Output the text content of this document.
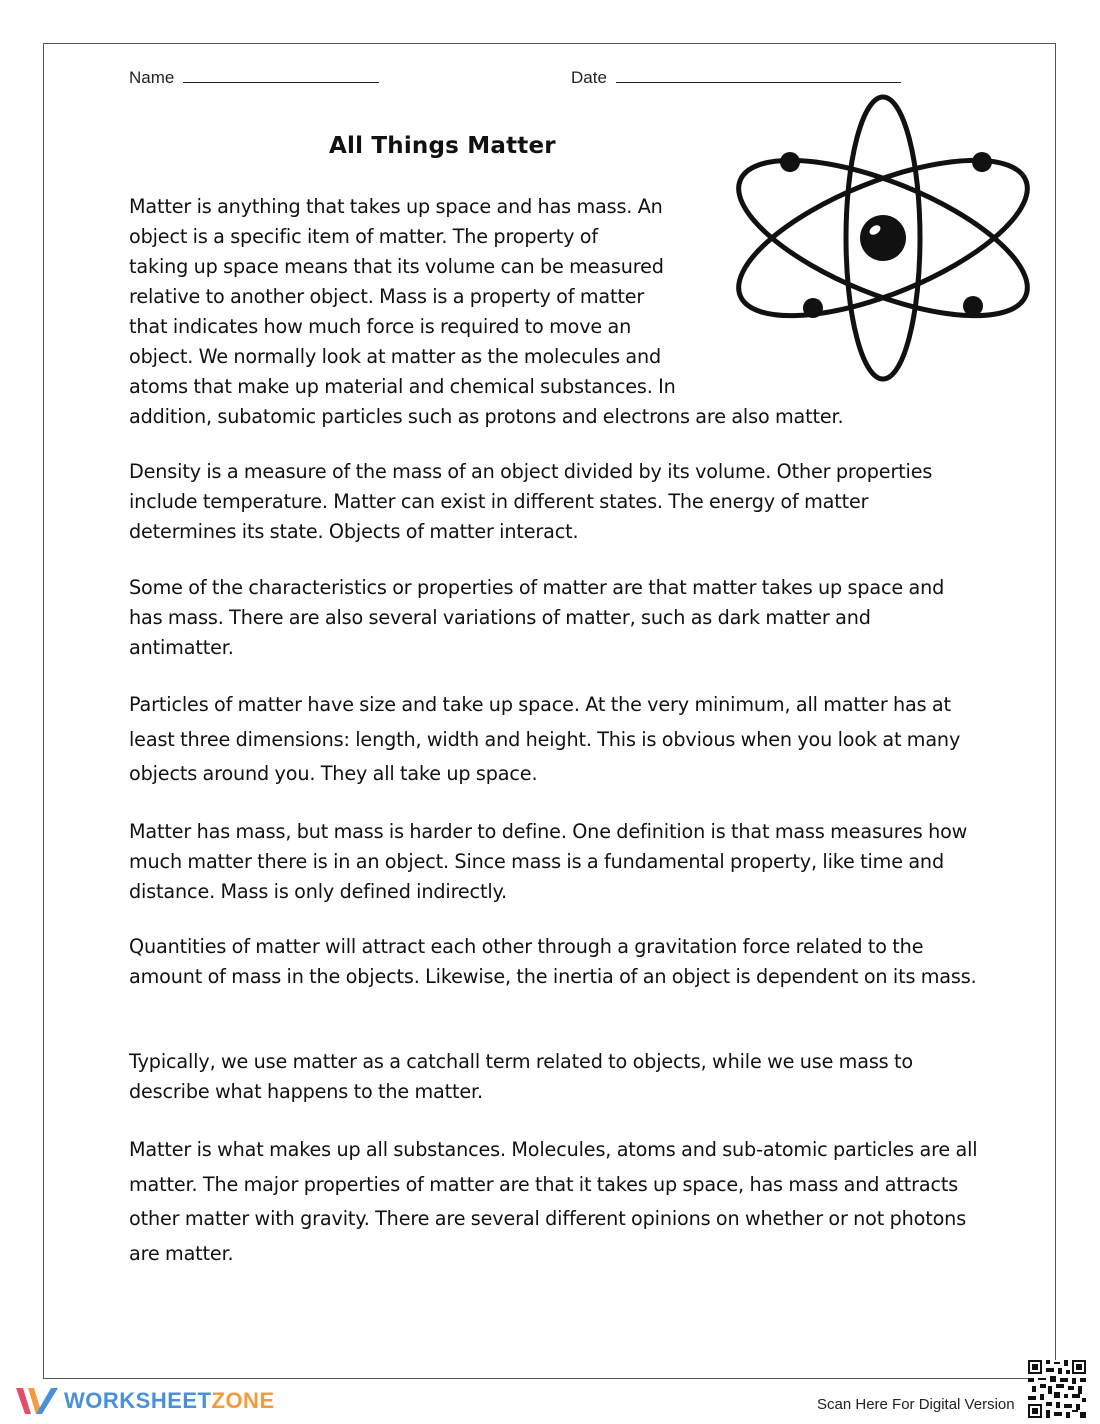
Name	Date
All Things Matter
Matter is anything that takes up space and has mass. An
object is a specific item of matter. The property of
taking up space means that its volume can be measured
relative to another object. Mass is a property of matter
that indicates how much force is required to move an
object. We normally look at matter as the molecules and
atoms that make up material and chemical substances. In
addition, subatomic particles such as protons and electrons are also matter.

Density is a measure of the mass of an object divided by its volume. Other properties include temperature. Matter can exist in different states. The energy of matter determines its state. Objects of matter interact.

Some of the characteristics or properties of matter are that matter takes up space and has mass. There are also several variations of matter, such as dark matter and antimatter.

Particles of matter have size and take up space. At the very minimum, all matter has at least three dimensions: length, width and height. This is obvious when you look at many objects around you. They all take up space.

Matter has mass, but mass is harder to define. One definition is that mass measures how much matter there is in an object. Since mass is a fundamental property, like time and distance. Mass is only defined indirectly.

Quantities of matter will attract each other through a gravitation force related to the amount of mass in the objects. Likewise, the inertia of an object is dependent on its mass.

Typically, we use matter as a catchall term related to objects, while we use mass to describe what happens to the matter.

Matter is what makes up all substances. Molecules, atoms and sub-atomic particles are all matter. The major properties of matter are that it takes up space, has mass and attracts other matter with gravity. There are several different opinions on whether or not photons are matter.

WORKSHEETZONE	Scan Here For Digital Version
